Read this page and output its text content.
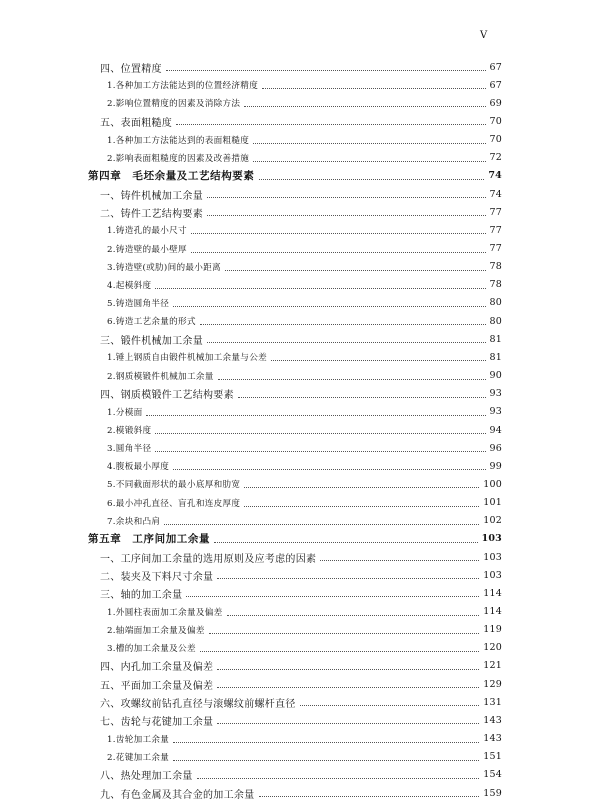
V
四、位置精度	67
1.各种加工方法能达到的位置经济精度	67
2.影响位置精度的因素及消除方法	69
五、表面粗糙度	70
1.各种加工方法能达到的表面粗糙度	70
2.影响表面粗糙度的因素及改善措施	72
第四章　毛坯余量及工艺结构要素	74
一、铸件机械加工余量	74
二、铸件工艺结构要素	77
1.铸造孔的最小尺寸	77
2.铸造壁的最小壁厚	77
3.铸造壁(或肋)间的最小距离	78
4.起模斜度	78
5.铸造圆角半径	80
6.铸造工艺余量的形式	80
三、锻件机械加工余量	81
1.锤上钢质自由锻件机械加工余量与公差	81
2.钢质模锻件机械加工余量	90
四、钢质模锻件工艺结构要素	93
1.分模面	93
2.模锻斜度	94
3.圆角半径	96
4.腹板最小厚度	99
5.不同截面形状的最小底厚和肋宽	100
6.最小冲孔直径、盲孔和连皮厚度	101
7.余块和凸肩	102
第五章　工序间加工余量	103
一、工序间加工余量的选用原则及应考虑的因素	103
二、装夹及下料尺寸余量	103
三、轴的加工余量	114
1.外圆柱表面加工余量及偏差	114
2.轴端面加工余量及偏差	119
3.槽的加工余量及公差	120
四、内孔加工余量及偏差	121
五、平面加工余量及偏差	129
六、攻螺纹前钻孔直径与滚螺纹前螺杆直径	131
七、齿轮与花键加工余量	143
1.齿轮加工余量	143
2.花键加工余量	151
八、热处理加工余量	154
九、有色金属及其合金的加工余量	159
